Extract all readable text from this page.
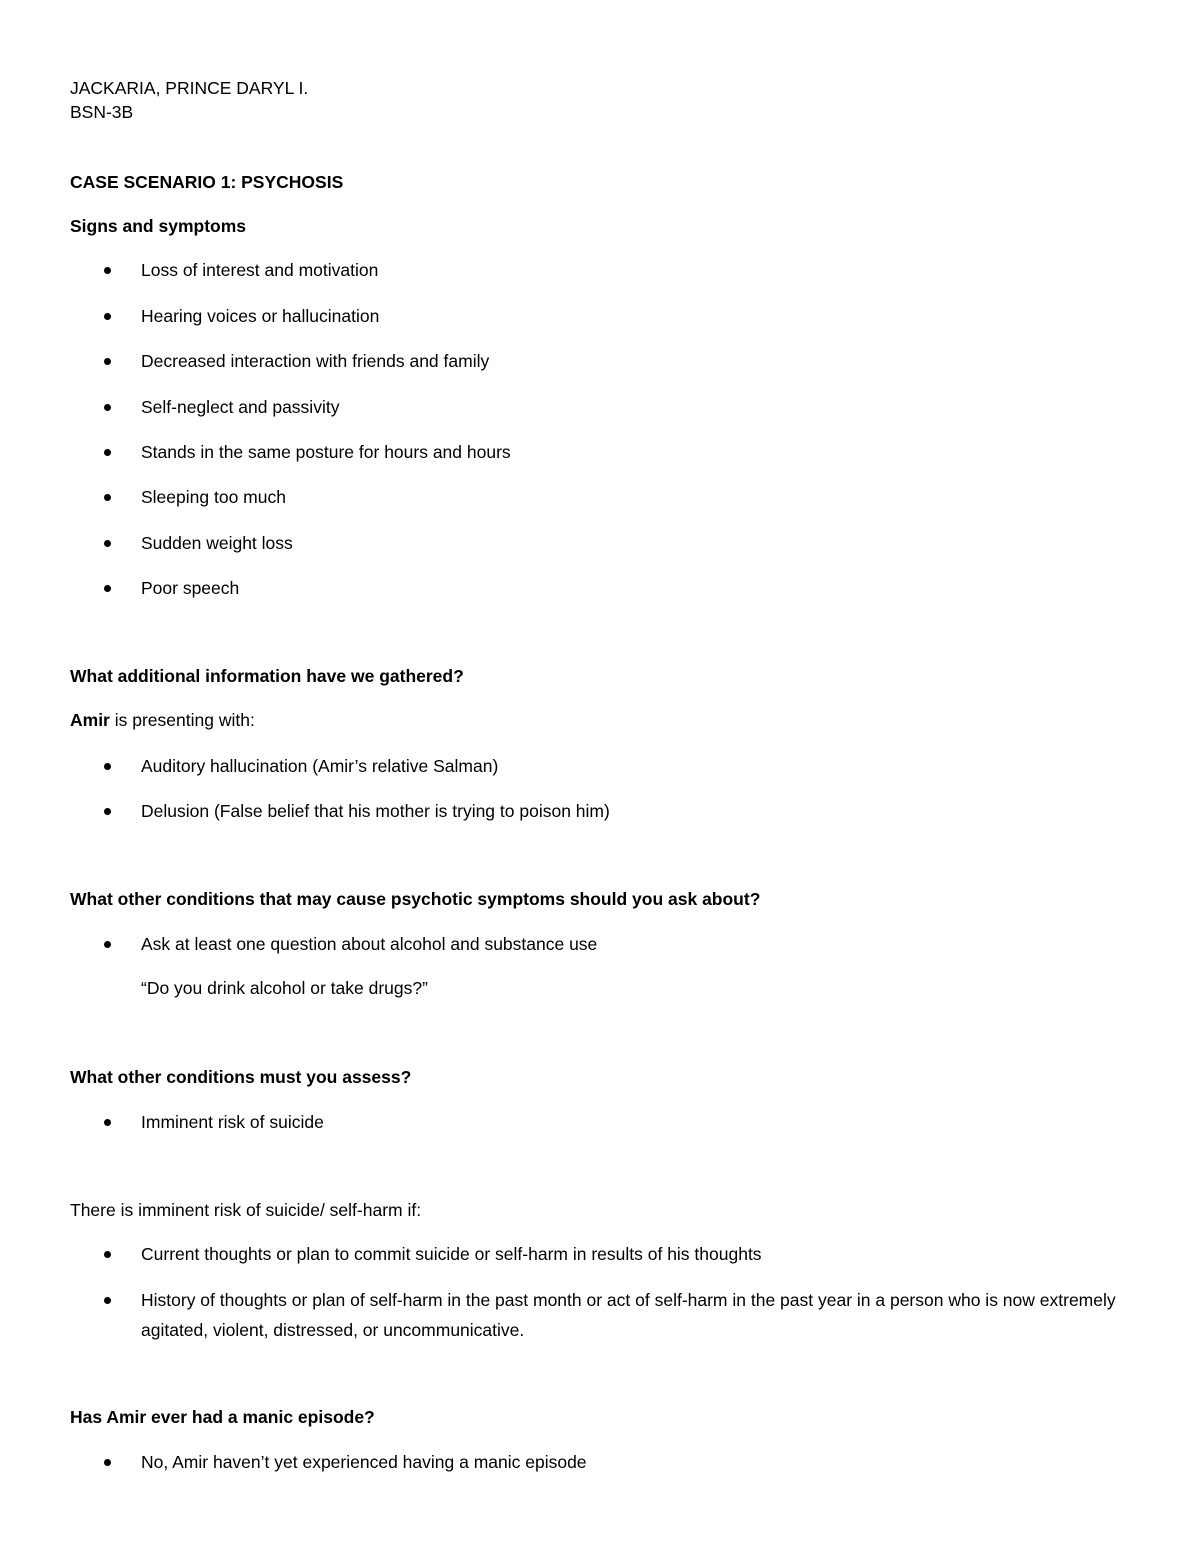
JACKARIA, PRINCE DARYL I.
BSN-3B
CASE SCENARIO 1: PSYCHOSIS
Signs and symptoms
Loss of interest and motivation
Hearing voices or hallucination
Decreased interaction with friends and family
Self-neglect and passivity
Stands in the same posture for hours and hours
Sleeping too much
Sudden weight loss
Poor speech
What additional information have we gathered?
Amir is presenting with:
Auditory hallucination (Amir’s relative Salman)
Delusion (False belief that his mother is trying to poison him)
What other conditions that may cause psychotic symptoms should you ask about?
Ask at least one question about alcohol and substance use
“Do you drink alcohol or take drugs?”
What other conditions must you assess?
Imminent risk of suicide
There is imminent risk of suicide/ self-harm if:
Current thoughts or plan to commit suicide or self-harm in results of his thoughts
History of thoughts or plan of self-harm in the past month or act of self-harm in the past year in a person who is now extremely agitated, violent, distressed, or uncommunicative.
Has Amir ever had a manic episode?
No, Amir haven’t yet experienced having a manic episode
